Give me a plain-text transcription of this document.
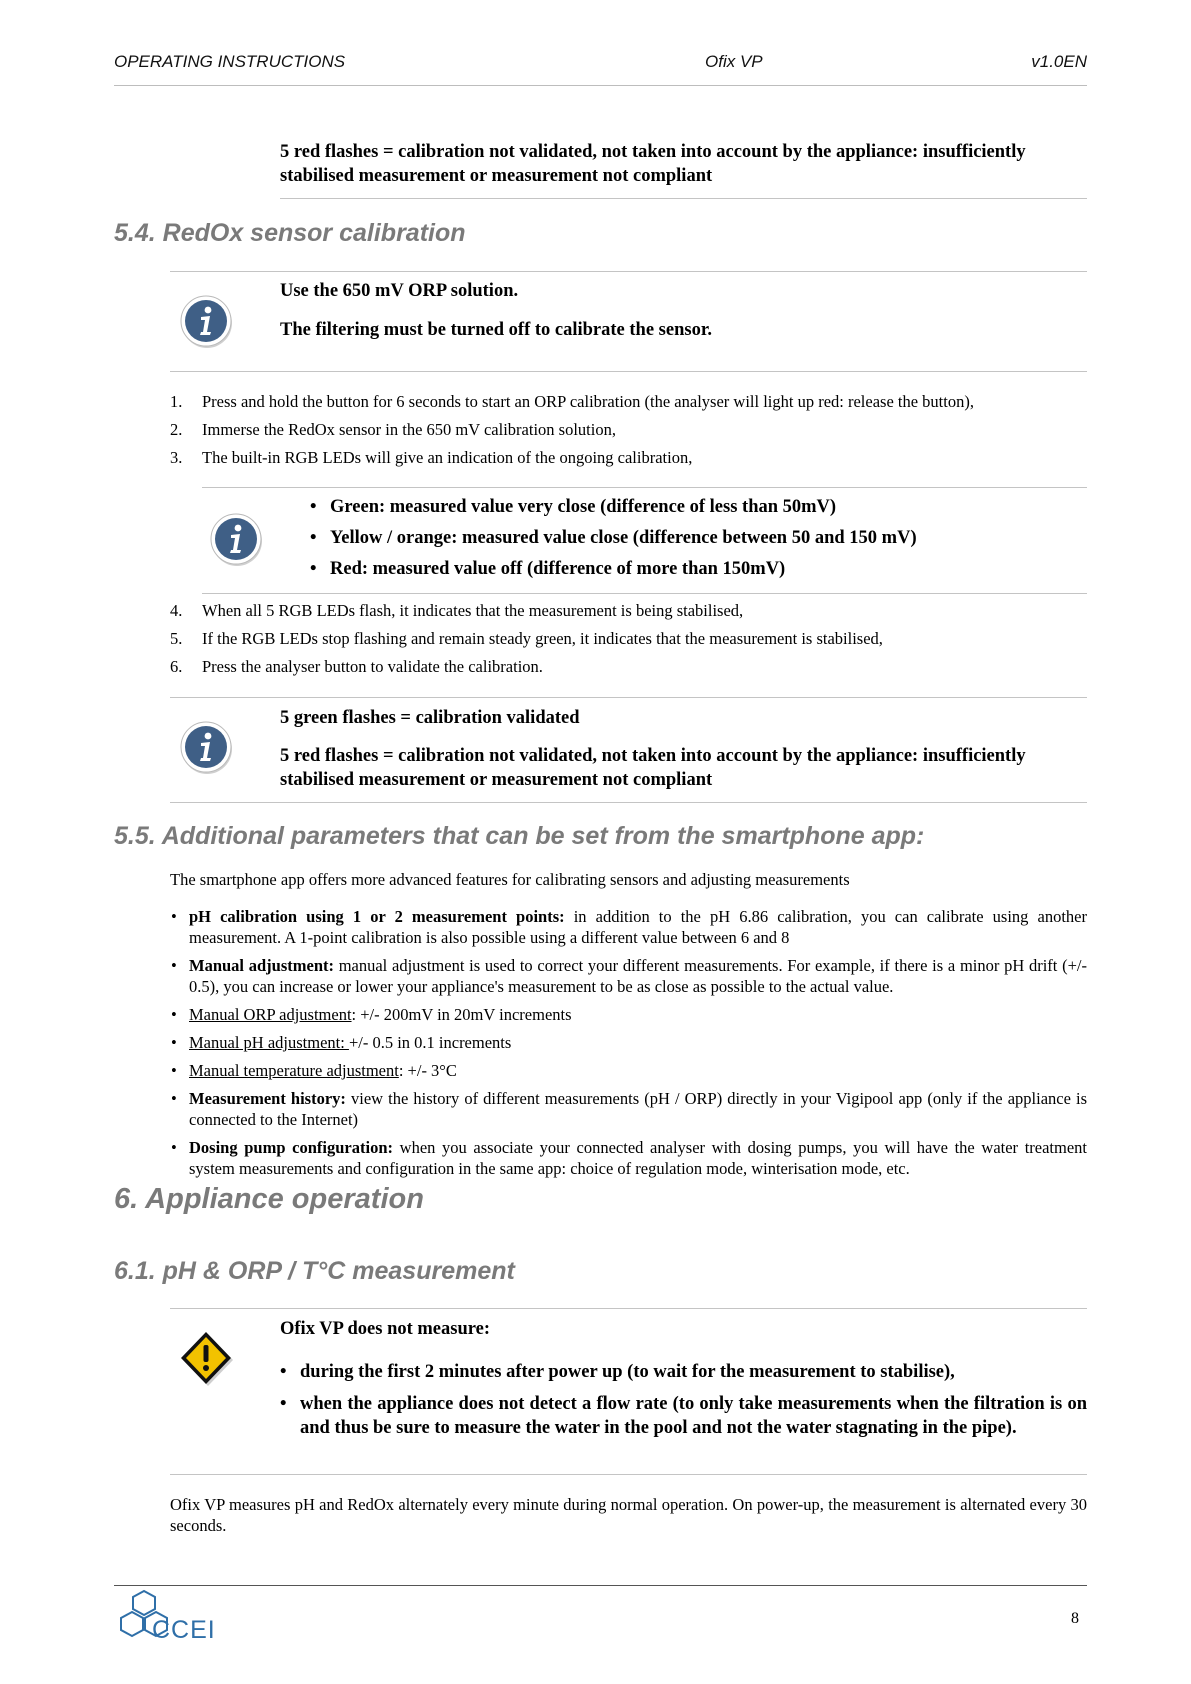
OPERATING INSTRUCTIONS	Ofix VP	v1.0EN

5 red flashes = calibration not validated, not taken into account by the appliance: insufficiently stabilised measurement or measurement not compliant

5.4. RedOx sensor calibration

Use the 650 mV ORP solution.

The filtering must be turned off to calibrate the sensor.

1. Press and hold the button for 6 seconds to start an ORP calibration (the analyser will light up red: release the button),
2. Immerse the RedOx sensor in the 650 mV calibration solution,
3. The built-in RGB LEDs will give an indication of the ongoing calibration,
• Green: measured value very close (difference of less than 50mV)
• Yellow / orange: measured value close (difference between 50 and 150 mV)
• Red: measured value off (difference of more than 150mV)
4. When all 5 RGB LEDs flash, it indicates that the measurement is being stabilised,
5. If the RGB LEDs stop flashing and remain steady green, it indicates that the measurement is stabilised,
6. Press the analyser button to validate the calibration.

5 green flashes = calibration validated

5 red flashes = calibration not validated, not taken into account by the appliance: insufficiently stabilised measurement or measurement not compliant

5.5. Additional parameters that can be set from the smartphone app:

The smartphone app offers more advanced features for calibrating sensors and adjusting measurements

• pH calibration using 1 or 2 measurement points: in addition to the pH 6.86 calibration, you can calibrate using another measurement. A 1-point calibration is also possible using a different value between 6 and 8
• Manual adjustment: manual adjustment is used to correct your different measurements. For example, if there is a minor pH drift (+/- 0.5), you can increase or lower your appliance's measurement to be as close as possible to the actual value.
• Manual ORP adjustment: +/- 200mV in 20mV increments
• Manual pH adjustment: +/- 0.5 in 0.1 increments
• Manual temperature adjustment: +/- 3°C
• Measurement history: view the history of different measurements (pH / ORP) directly in your Vigipool app (only if the appliance is connected to the Internet)
• Dosing pump configuration: when you associate your connected analyser with dosing pumps, you will have the water treatment system measurements and configuration in the same app: choice of regulation mode, winterisation mode, etc.
6. Appliance operation
6.1. pH & ORP / T°C measurement

Ofix VP does not measure:

• during the first 2 minutes after power up (to wait for the measurement to stabilise),
• when the appliance does not detect a flow rate (to only take measurements when the filtration is on and thus be sure to measure the water in the pool and not the water stagnating in the pipe).

Ofix VP measures pH and RedOx alternately every minute during normal operation. On power-up, the measurement is alternated every 30 seconds.

CCEI	8
